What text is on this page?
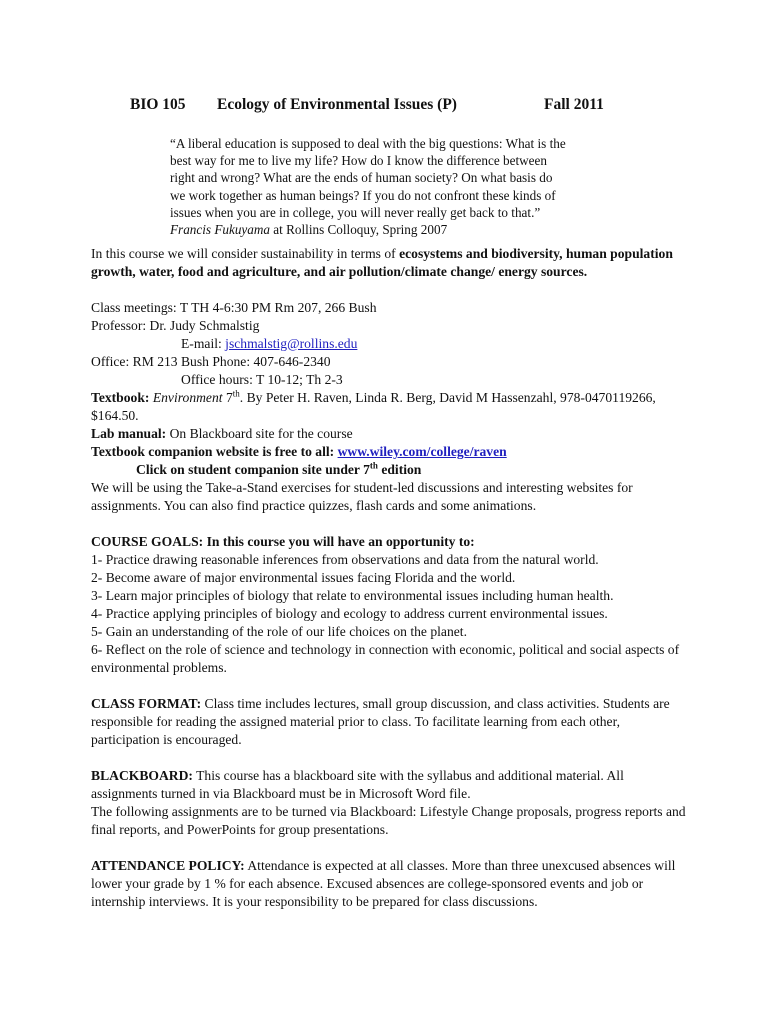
BIO 105 Ecology of Environmental Issues (P)	Fall 2011
“A liberal education is supposed to deal with the big questions: What is the
best way for me to live my life? How do I know the difference between
right and wrong? What are the ends of human society? On what basis do
we work together as human beings? If you do not confront these kinds of
issues when you are in college, you will never really get back to that.”
Francis Fukuyama at Rollins Colloquy, Spring 2007

In this course we will consider sustainability in terms of ecosystems and biodiversity, human population growth, water, food and agriculture, and air pollution/climate change/ energy sources.

Class meetings: T TH 4-6:30 PM Rm 207, 266 Bush

Professor: Dr. Judy Schmalstig

E-mail: jschmalstig@rollins.edu

Office: RM 213 Bush Phone: 407-646-2340

Office hours: T 10-12; Th 2-3

Textbook: Environment 7th. By Peter H. Raven, Linda R. Berg, David M Hassenzahl, 978-0470119266, $164.50.

Lab manual: On Blackboard site for the course

Textbook companion website is free to all: www.wiley.com/college/raven

Click on student companion site under 7th edition

We will be using the Take-a-Stand exercises for student-led discussions and interesting websites for assignments. You can also find practice quizzes, flash cards and some animations.

COURSE GOALS: In this course you will have an opportunity to:

1- Practice drawing reasonable inferences from observations and data from the natural world.

2- Become aware of major environmental issues facing Florida and the world.

3- Learn major principles of biology that relate to environmental issues including human health.

4- Practice applying principles of biology and ecology to address current environmental issues.

5- Gain an understanding of the role of our life choices on the planet.

6- Reflect on the role of science and technology in connection with economic, political and social aspects of environmental problems.

CLASS FORMAT: Class time includes lectures, small group discussion, and class activities. Students are responsible for reading the assigned material prior to class. To facilitate learning from each other, participation is encouraged.

BLACKBOARD: This course has a blackboard site with the syllabus and additional material. All assignments turned in via Blackboard must be in Microsoft Word file.

The following assignments are to be turned via Blackboard: Lifestyle Change proposals, progress reports and final reports, and PowerPoints for group presentations.

ATTENDANCE POLICY: Attendance is expected at all classes. More than three unexcused absences will lower your grade by 1 % for each absence. Excused absences are college-sponsored events and job or internship interviews. It is your responsibility to be prepared for class discussions.
